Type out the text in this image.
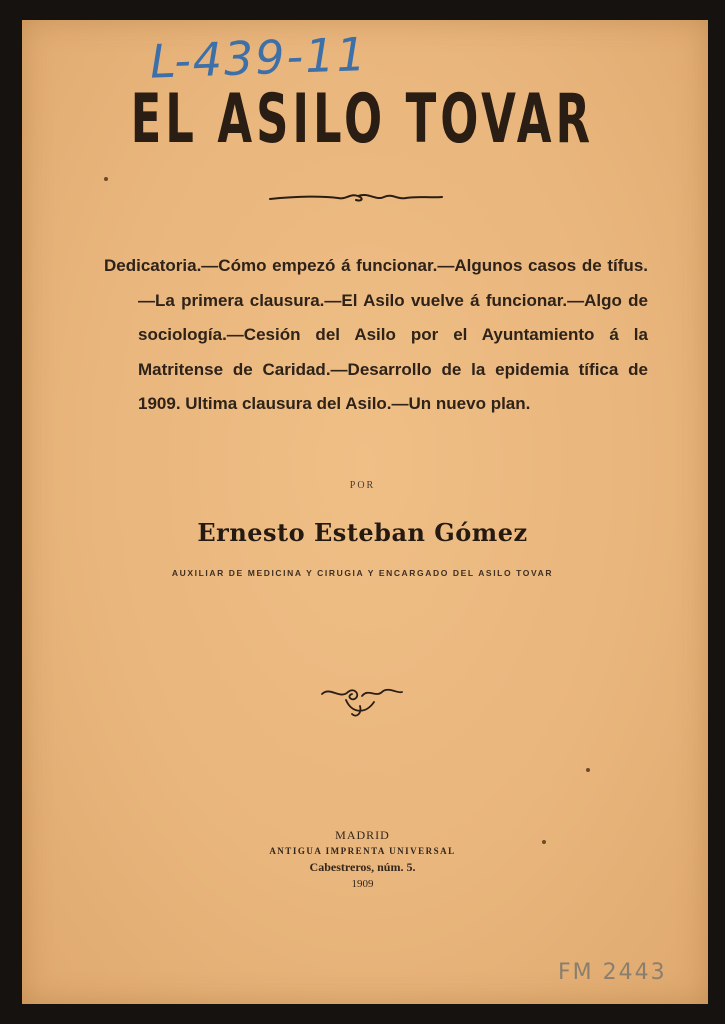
L-439-11
EL ASILO TOVAR
Dedicatoria.—Cómo empezó á funcionar.—Algunos casos de tífus.—La primera clausura.—El Asilo vuelve á funcionar.—Algo de sociología.—Cesión del Asilo por el Ayuntamiento á la Matritense de Caridad.—Desarrollo de la epidemia tífica de 1909. Ultima clausura del Asilo.—Un nuevo plan.
POR
Ernesto Esteban Gómez
AUXILIAR DE MEDICINA Y CIRUGIA Y ENCARGADO DEL ASILO TOVAR
MADRID
ANTIGUA IMPRENTA UNIVERSAL
Cabestreros, núm. 5.
1909
FM 2443
